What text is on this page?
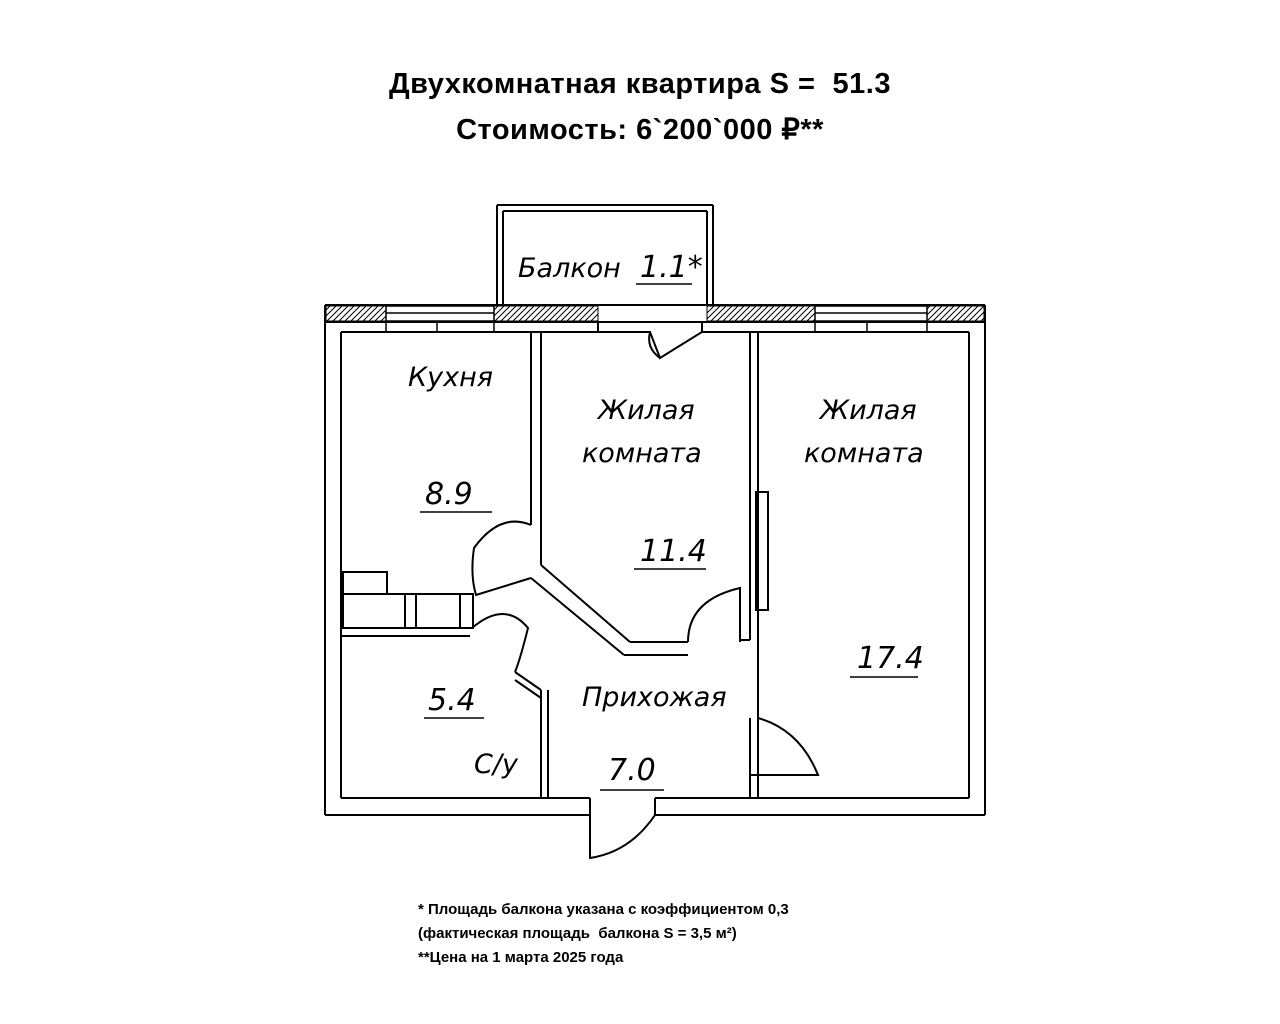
Двухкомнатная квартира S =  51.3
Стоимость: 6`200`000 ₽**
Балкон 1.1*
Кухня
8.9
Жилая
комната
11.4
Жилая
комната
17.4
Прихожая
7.0
5.4
С/у
* Площадь балкона указана с коэффициентом 0,3
(фактическая площадь  балкона S = 3,5 м²)
**Цена на 1 марта 2025 года
